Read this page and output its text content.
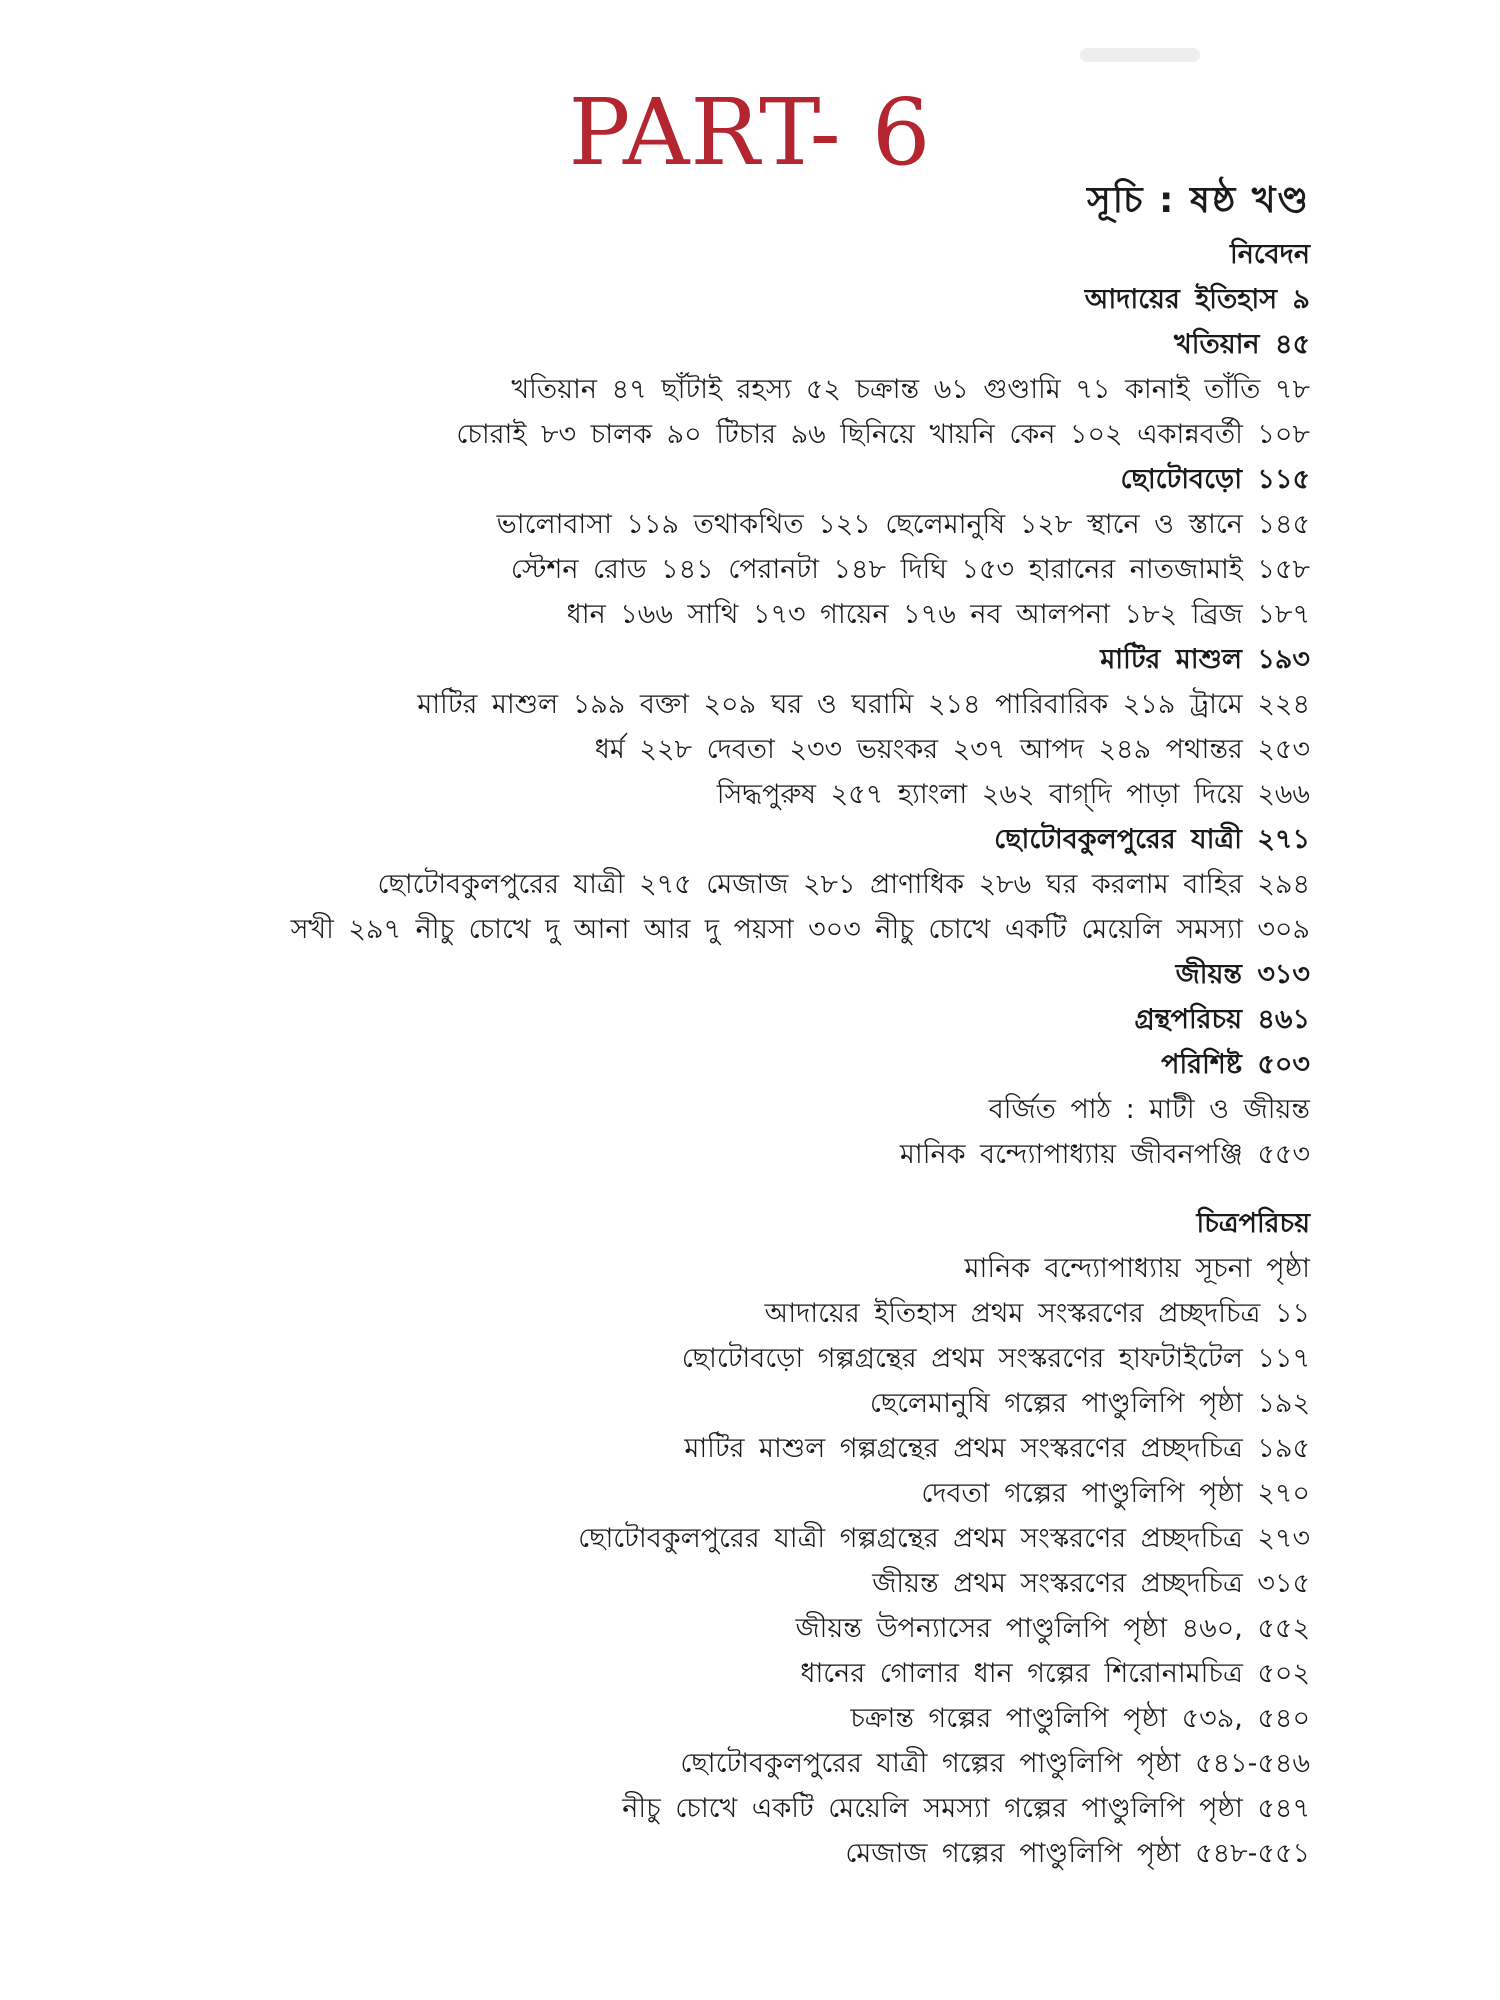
PART- 6
সূচি : ষষ্ঠ খণ্ড
নিবেদন
আদায়ের ইতিহাস ৯
খতিয়ান ৪৫
খতিয়ান ৪৭ ছাঁটাই রহস্য ৫২ চক্রান্ত ৬১ গুণ্ডামি ৭১ কানাই তাঁতি ৭৮
চোরাই ৮৩ চালক ৯০ টিচার ৯৬ ছিনিয়ে খায়নি কেন ১০২ একান্নবর্তী ১০৮
ছোটোবড়ো ১১৫
ভালোবাসা ১১৯ তথাকথিত ১২১ ছেলেমানুষি ১২৮ স্থানে ও স্তানে ১৪৫
স্টেশন রোড ১৪১ পেরানটা ১৪৮ দিঘি ১৫৩ হারানের নাতজামাই ১৫৮
ধান ১৬৬ সাথি ১৭৩ গায়েন ১৭৬ নব আলপনা ১৮২ ব্রিজ ১৮৭
মাটির মাশুল ১৯৩
মাটির মাশুল ১৯৯ বক্তা ২০৯ ঘর ও ঘরামি ২১৪ পারিবারিক ২১৯ ট্রামে ২২৪
ধর্ম ২২৮ দেবতা ২৩৩ ভয়ংকর ২৩৭ আপদ ২৪৯ পথান্তর ২৫৩
সিদ্ধপুরুষ ২৫৭ হ্যাংলা ২৬২ বাগ্‌দি পাড়া দিয়ে ২৬৬
ছোটোবকুলপুরের যাত্রী ২৭১
ছোটোবকুলপুরের যাত্রী ২৭৫ মেজাজ ২৮১ প্রাণাধিক ২৮৬ ঘর করলাম বাহির ২৯৪
সখী ২৯৭ নীচু চোখে দু আনা আর দু পয়সা ৩০৩ নীচু চোখে একটি মেয়েলি সমস্যা ৩০৯
জীয়ন্ত ৩১৩
গ্রন্থপরিচয় ৪৬১
পরিশিষ্ট ৫০৩
বর্জিত পাঠ : মাটী ও জীয়ন্ত
মানিক বন্দ্যোপাধ্যায় জীবনপঞ্জি ৫৫৩
চিত্রপরিচয়
মানিক বন্দ্যোপাধ্যায় সূচনা পৃষ্ঠা
আদায়ের ইতিহাস প্রথম সংস্করণের প্রচ্ছদচিত্র ১১
ছোটোবড়ো গল্পগ্রন্থের প্রথম সংস্করণের হাফটাইটেল ১১৭
ছেলেমানুষি গল্পের পাণ্ডুলিপি পৃষ্ঠা ১৯২
মাটির মাশুল গল্পগ্রন্থের প্রথম সংস্করণের প্রচ্ছদচিত্র ১৯৫
দেবতা গল্পের পাণ্ডুলিপি পৃষ্ঠা ২৭০
ছোটোবকুলপুরের যাত্রী গল্পগ্রন্থের প্রথম সংস্করণের প্রচ্ছদচিত্র ২৭৩
জীয়ন্ত প্রথম সংস্করণের প্রচ্ছদচিত্র ৩১৫
জীয়ন্ত উপন্যাসের পাণ্ডুলিপি পৃষ্ঠা ৪৬০, ৫৫২
ধানের গোলার ধান গল্পের শিরোনামচিত্র ৫০২
চক্রান্ত গল্পের পাণ্ডুলিপি পৃষ্ঠা ৫৩৯, ৫৪০
ছোটোবকুলপুরের যাত্রী গল্পের পাণ্ডুলিপি পৃষ্ঠা ৫৪১-৫৪৬
নীচু চোখে একটি মেয়েলি সমস্যা গল্পের পাণ্ডুলিপি পৃষ্ঠা ৫৪৭
মেজাজ গল্পের পাণ্ডুলিপি পৃষ্ঠা ৫৪৮-৫৫১
